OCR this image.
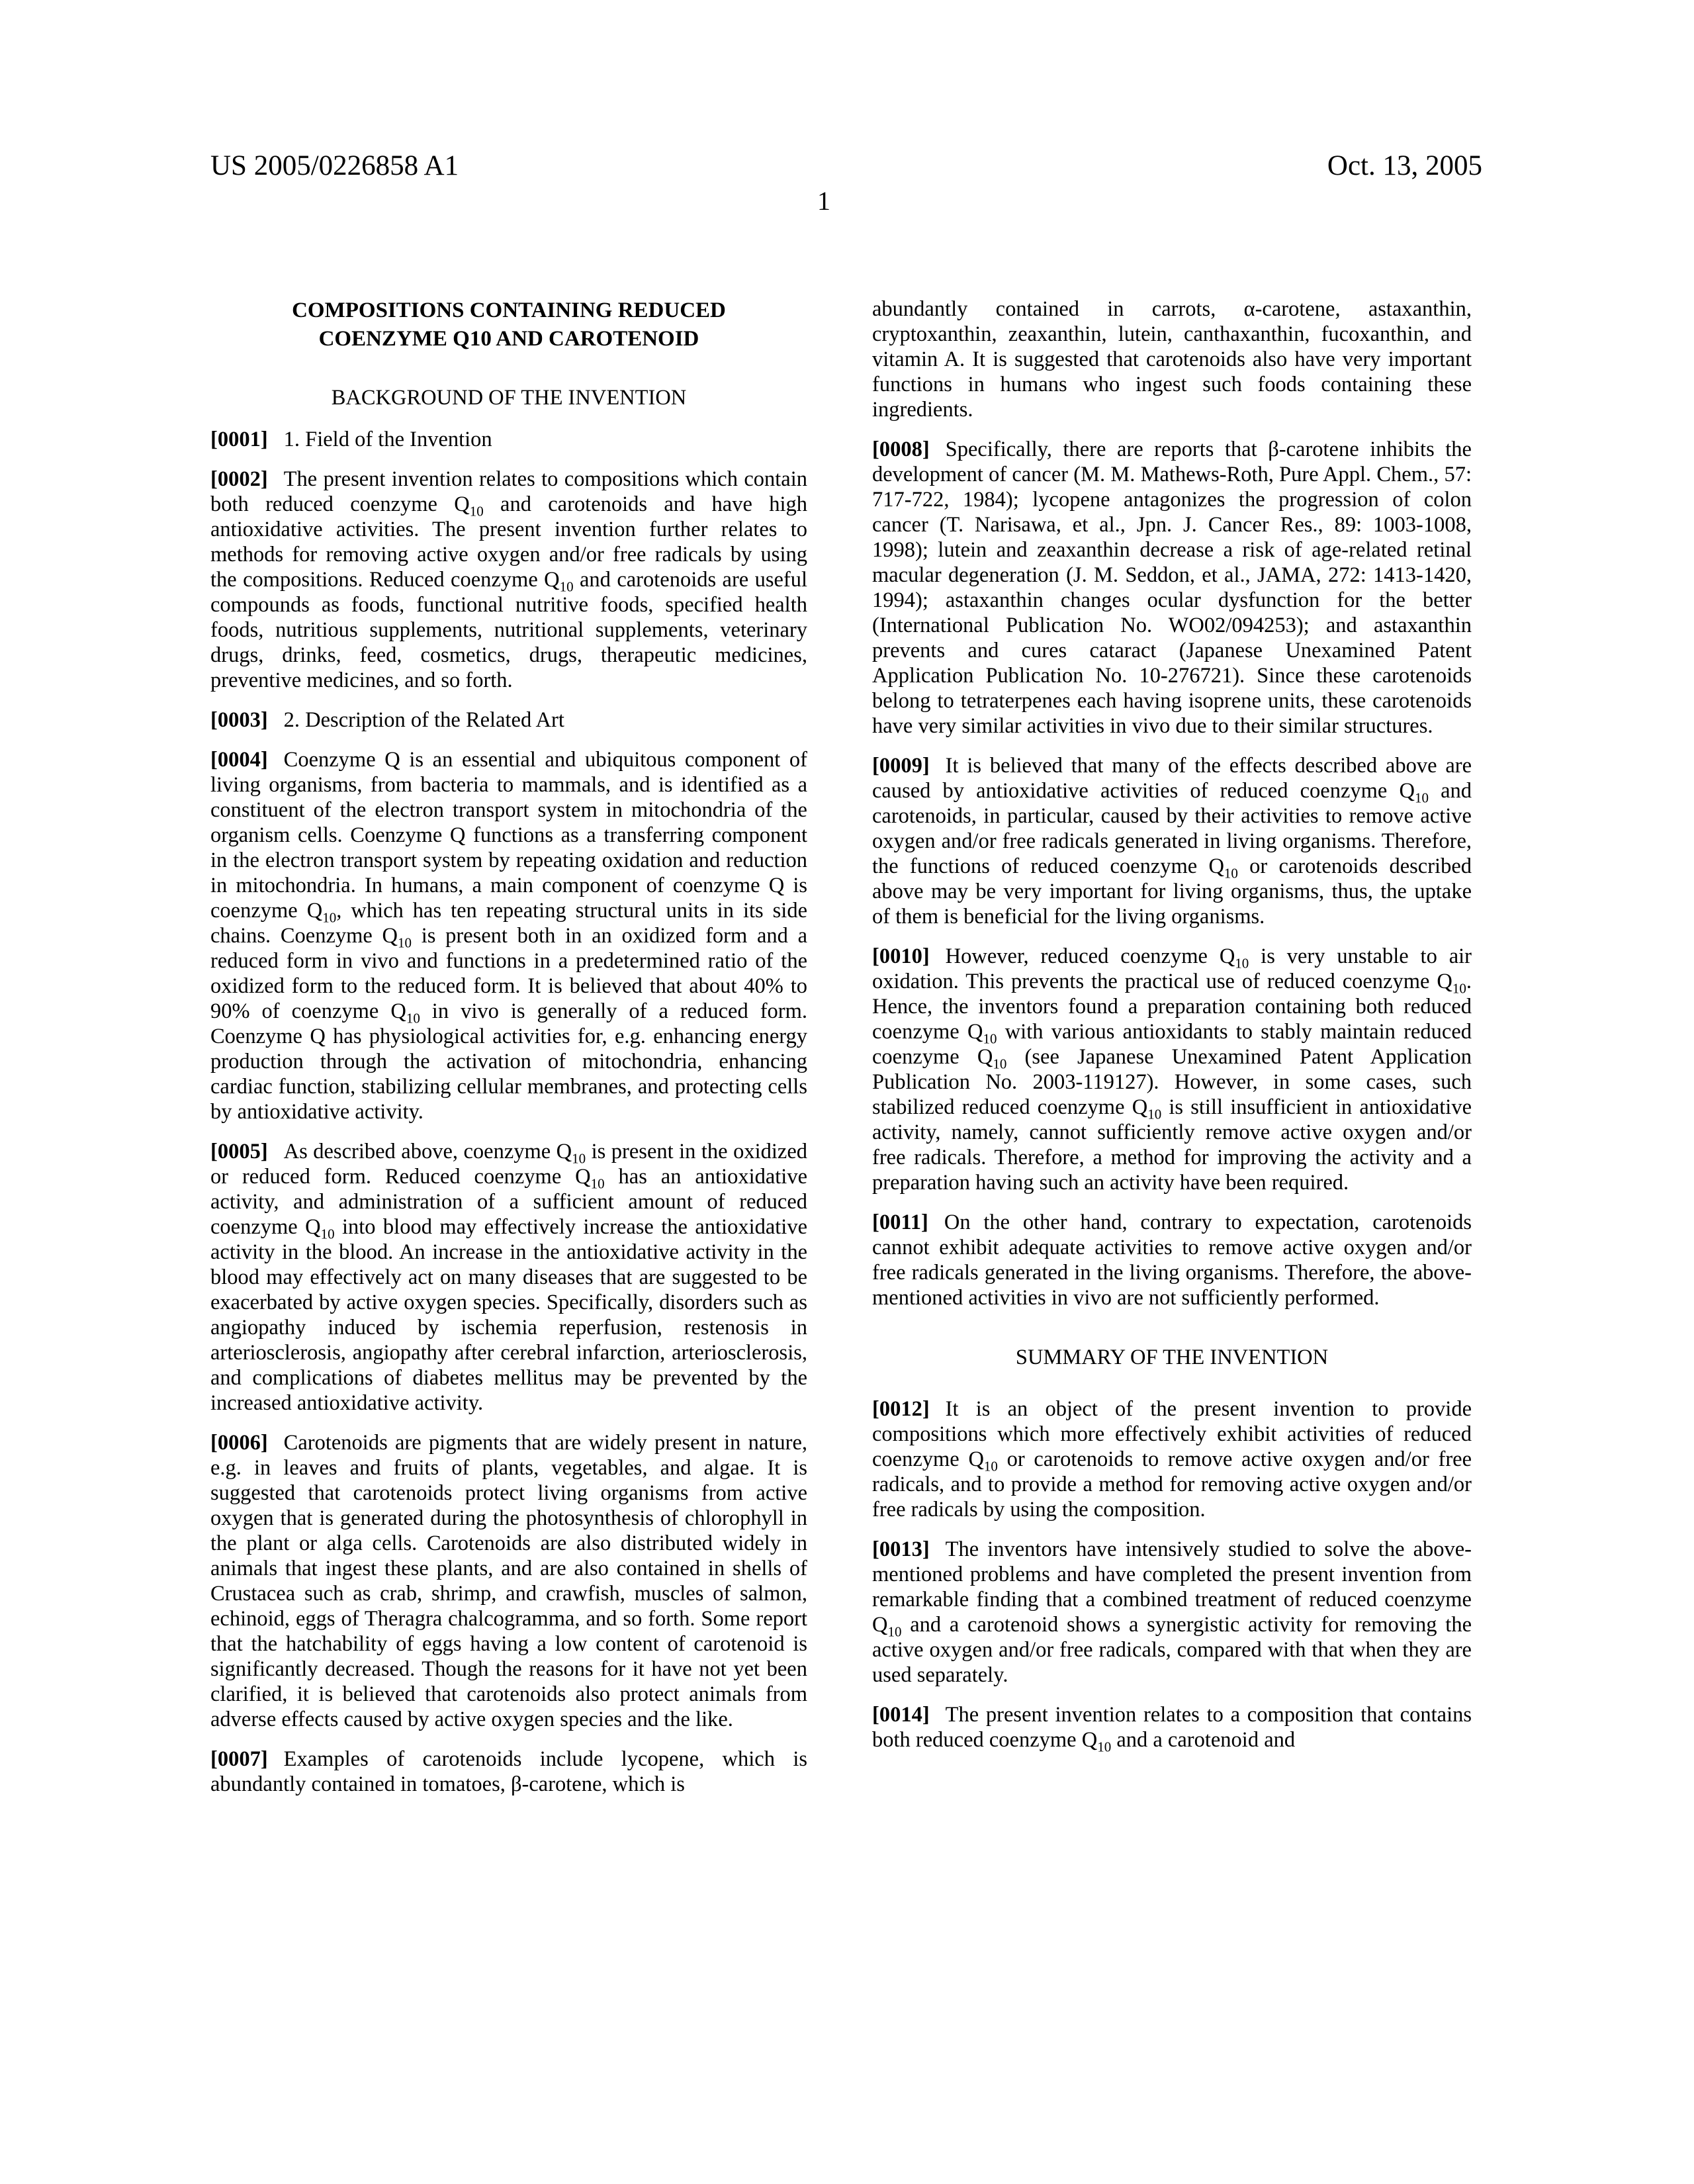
US 2005/0226858 A1	Oct. 13, 2005
1
COMPOSITIONS CONTAINING REDUCED
COENZYME Q10 AND CAROTENOID
BACKGROUND OF THE INVENTION

[0001] 1. Field of the Invention

[0002] The present invention relates to compositions which contain both reduced coenzyme $Q_{10}$ and carotenoids and have high antioxidative activities. The present invention further relates to methods for removing active oxygen and/or free radicals by using the compositions. Reduced coenzyme $Q_{10}$ and carotenoids are useful compounds as foods, functional nutritive foods, specified health foods, nutritious supplements, nutritional supplements, veterinary drugs, drinks, feed, cosmetics, drugs, therapeutic medicines, preventive medicines, and so forth.

[0003] 2. Description of the Related Art

[0004] Coenzyme Q is an essential and ubiquitous component of living organisms, from bacteria to mammals, and is identified as a constituent of the electron transport system in mitochondria of the organism cells. Coenzyme Q functions as a transferring component in the electron transport system by repeating oxidation and reduction in mitochondria. In humans, a main component of coenzyme Q is coenzyme $Q_{10}$, which has ten repeating structural units in its side chains. Coenzyme $Q_{10}$ is present both in an oxidized form and a reduced form in vivo and functions in a predetermined ratio of the oxidized form to the reduced form. It is believed that about 40% to 90% of coenzyme $Q_{10}$ in vivo is generally of a reduced form. Coenzyme Q has physiological activities for, e.g. enhancing energy production through the activation of mitochondria, enhancing cardiac function, stabilizing cellular membranes, and protecting cells by antioxidative activity.

[0005] As described above, coenzyme $Q_{10}$ is present in the oxidized or reduced form. Reduced coenzyme $Q_{10}$ has an antioxidative activity, and administration of a sufficient amount of reduced coenzyme $Q_{10}$ into blood may effectively increase the antioxidative activity in the blood. An increase in the antioxidative activity in the blood may effectively act on many diseases that are suggested to be exacerbated by active oxygen species. Specifically, disorders such as angiopathy induced by ischemia reperfusion, restenosis in arteriosclerosis, angiopathy after cerebral infarction, arteriosclerosis, and complications of diabetes mellitus may be prevented by the increased antioxidative activity.

[0006] Carotenoids are pigments that are widely present in nature, e.g. in leaves and fruits of plants, vegetables, and algae. It is suggested that carotenoids protect living organisms from active oxygen that is generated during the photosynthesis of chlorophyll in the plant or alga cells. Carotenoids are also distributed widely in animals that ingest these plants, and are also contained in shells of Crustacea such as crab, shrimp, and crawfish, muscles of salmon, echinoid, eggs of Theragra chalcogramma, and so forth. Some report that the hatchability of eggs having a low content of carotenoid is significantly decreased. Though the reasons for it have not yet been clarified, it is believed that carotenoids also protect animals from adverse effects caused by active oxygen species and the like.

[0007] Examples of carotenoids include lycopene, which is abundantly contained in tomatoes, β-carotene, which is

abundantly contained in carrots, α-carotene, astaxanthin, cryptoxanthin, zeaxanthin, lutein, canthaxanthin, fucoxanthin, and vitamin A. It is suggested that carotenoids also have very important functions in humans who ingest such foods containing these ingredients.

[0008] Specifically, there are reports that β-carotene inhibits the development of cancer (M. M. Mathews-Roth, Pure Appl. Chem., 57: 717-722, 1984); lycopene antagonizes the progression of colon cancer (T. Narisawa, et al., Jpn. J. Cancer Res., 89: 1003-1008, 1998); lutein and zeaxanthin decrease a risk of age-related retinal macular degeneration (J. M. Seddon, et al., JAMA, 272: 1413-1420, 1994); astaxanthin changes ocular dysfunction for the better (International Publication No. WO02/094253); and astaxanthin prevents and cures cataract (Japanese Unexamined Patent Application Publication No. 10-276721). Since these carotenoids belong to tetraterpenes each having isoprene units, these carotenoids have very similar activities in vivo due to their similar structures.

[0009] It is believed that many of the effects described above are caused by antioxidative activities of reduced coenzyme $Q_{10}$ and carotenoids, in particular, caused by their activities to remove active oxygen and/or free radicals generated in living organisms. Therefore, the functions of reduced coenzyme $Q_{10}$ or carotenoids described above may be very important for living organisms, thus, the uptake of them is beneficial for the living organisms.

[0010] However, reduced coenzyme $Q_{10}$ is very unstable to air oxidation. This prevents the practical use of reduced coenzyme $Q_{10}$. Hence, the inventors found a preparation containing both reduced coenzyme $Q_{10}$ with various antioxidants to stably maintain reduced coenzyme $Q_{10}$ (see Japanese Unexamined Patent Application Publication No. 2003-119127). However, in some cases, such stabilized reduced coenzyme $Q_{10}$ is still insufficient in antioxidative activity, namely, cannot sufficiently remove active oxygen and/or free radicals. Therefore, a method for improving the activity and a preparation having such an activity have been required.

[0011] On the other hand, contrary to expectation, carotenoids cannot exhibit adequate activities to remove active oxygen and/or free radicals generated in the living organisms. Therefore, the above-mentioned activities in vivo are not sufficiently performed.

SUMMARY OF THE INVENTION

[0012] It is an object of the present invention to provide compositions which more effectively exhibit activities of reduced coenzyme $Q_{10}$ or carotenoids to remove active oxygen and/or free radicals, and to provide a method for removing active oxygen and/or free radicals by using the composition.

[0013] The inventors have intensively studied to solve the above-mentioned problems and have completed the present invention from remarkable finding that a combined treatment of reduced coenzyme $Q_{10}$ and a carotenoid shows a synergistic activity for removing the active oxygen and/or free radicals, compared with that when they are used separately.

[0014] The present invention relates to a composition that contains both reduced coenzyme $Q_{10}$ and a carotenoid and
